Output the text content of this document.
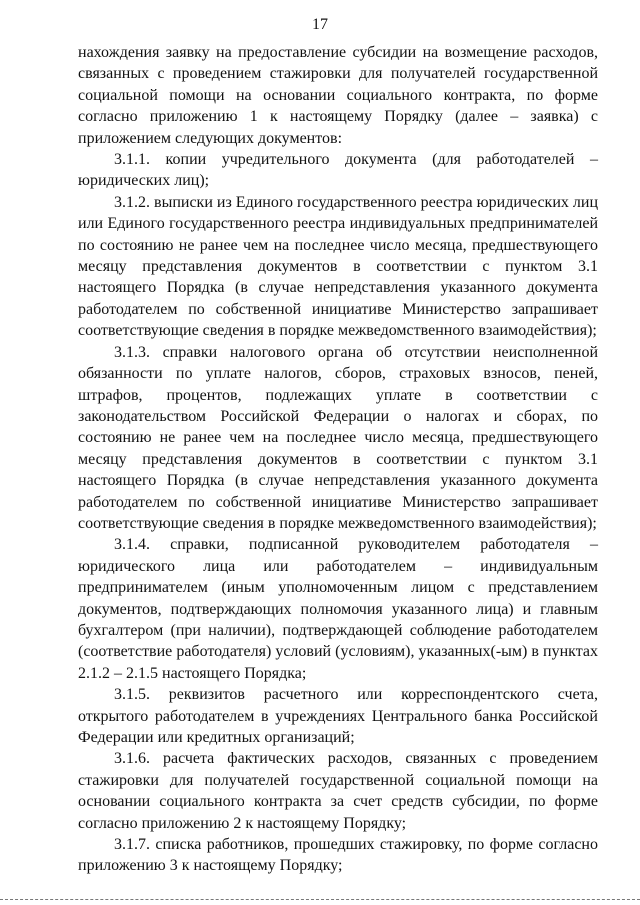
17

нахождения заявку на предоставление субсидии на возмещение расходов, связанных с проведением стажировки для получателей государственной социальной помощи на основании социального контракта, по форме согласно приложению 1 к настоящему Порядку (далее – заявка) с приложением следующих документов:

3.1.1. копии учредительного документа (для работодателей – юридических лиц);

3.1.2. выписки из Единого государственного реестра юридических лиц или Единого государственного реестра индивидуальных предпринимателей по состоянию не ранее чем на последнее число месяца, предшествующего месяцу представления документов в соответствии с пунктом 3.1 настоящего Порядка (в случае непредставления указанного документа работодателем по собственной инициативе Министерство запрашивает соответствующие сведения в порядке межведомственного взаимодействия);

3.1.3. справки налогового органа об отсутствии неисполненной обязанности по уплате налогов, сборов, страховых взносов, пеней, штрафов, процентов, подлежащих уплате в соответствии с законодательством Российской Федерации о налогах и сборах, по состоянию не ранее чем на последнее число месяца, предшествующего месяцу представления документов в соответствии с пунктом 3.1 настоящего Порядка (в случае непредставления указанного документа работодателем по собственной инициативе Министерство запрашивает соответствующие сведения в порядке межведомственного взаимодействия);

3.1.4. справки, подписанной руководителем работодателя – юридического лица или работодателем – индивидуальным предпринимателем (иным уполномоченным лицом с представлением документов, подтверждающих полномочия указанного лица) и главным бухгалтером (при наличии), подтверждающей соблюдение работодателем (соответствие работодателя) условий (условиям), указанных(-ым) в пунктах 2.1.2 – 2.1.5 настоящего Порядка;

3.1.5. реквизитов расчетного или корреспондентского счета, открытого работодателем в учреждениях Центрального банка Российской Федерации или кредитных организаций;

3.1.6. расчета фактических расходов, связанных с проведением стажировки для получателей государственной социальной помощи на основании социального контракта за счет средств субсидии, по форме согласно приложению 2 к настоящему Порядку;

3.1.7. списка работников, прошедших стажировку, по форме согласно приложению 3 к настоящему Порядку;
